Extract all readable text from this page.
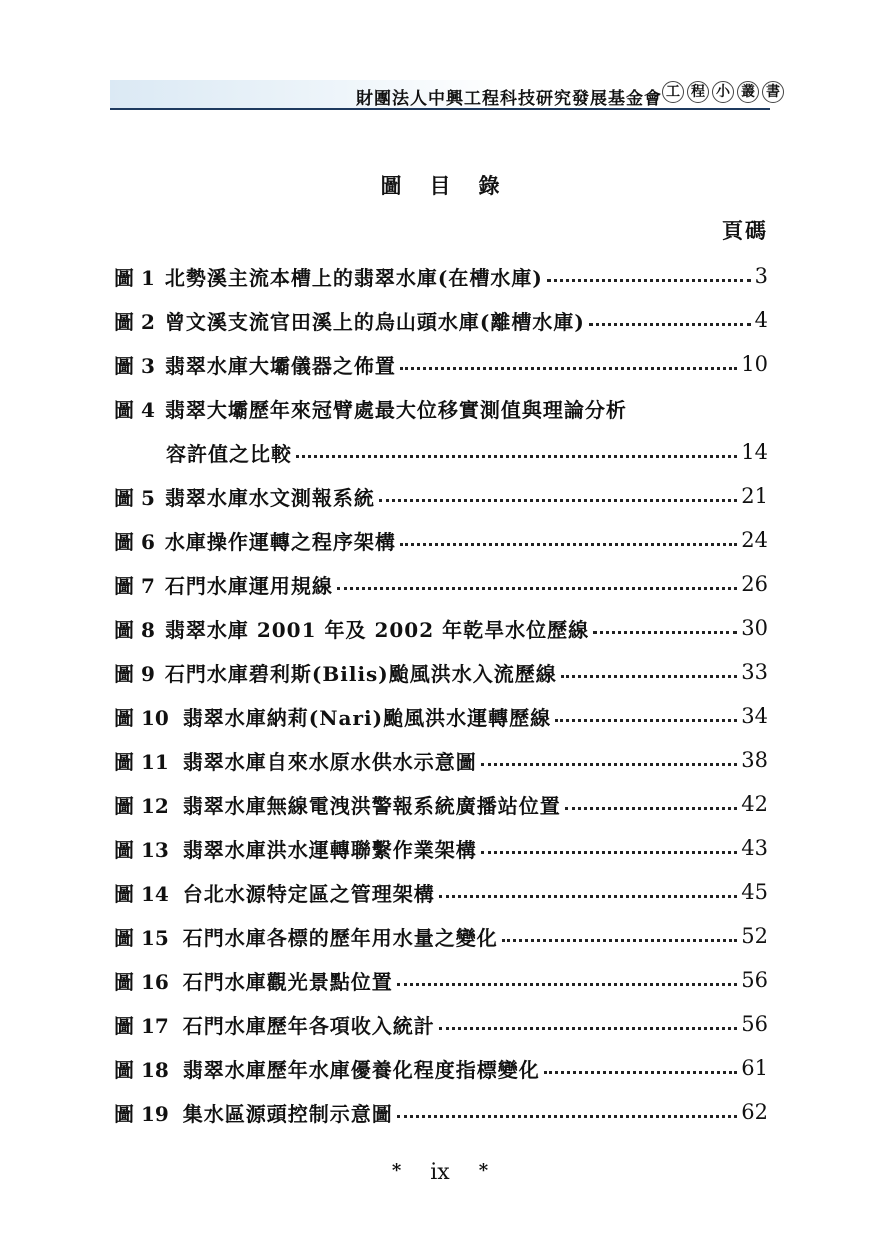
財團法人中興工程科技研究發展基金會 工 程 小 叢 書
圖目錄
頁碼
圖 1 北勢溪主流本槽上的翡翠水庫(在槽水庫)	3
圖 2 曾文溪支流官田溪上的烏山頭水庫(離槽水庫)	4
圖 3 翡翠水庫大壩儀器之佈置	10
圖 4 翡翠大壩歷年來冠臂處最大位移實測值與理論分析
容許值之比較	14
圖 5 翡翠水庫水文測報系統	21
圖 6 水庫操作運轉之程序架構	24
圖 7 石門水庫運用規線	26
圖 8 翡翠水庫 2001 年及 2002 年乾旱水位歷線	30
圖 9 石門水庫碧利斯(Bilis)颱風洪水入流歷線	33
圖 10 翡翠水庫納莉(Nari)颱風洪水運轉歷線	34
圖 11 翡翠水庫自來水原水供水示意圖	38
圖 12 翡翠水庫無線電洩洪警報系統廣播站位置	42
圖 13 翡翠水庫洪水運轉聯繫作業架構	43
圖 14 台北水源特定區之管理架構	45
圖 15 石門水庫各標的歷年用水量之變化	52
圖 16 石門水庫觀光景點位置	56
圖 17 石門水庫歷年各項收入統計	56
圖 18 翡翠水庫歷年水庫優養化程度指標變化	61
圖 19 集水區源頭控制示意圖	62
* ix *
